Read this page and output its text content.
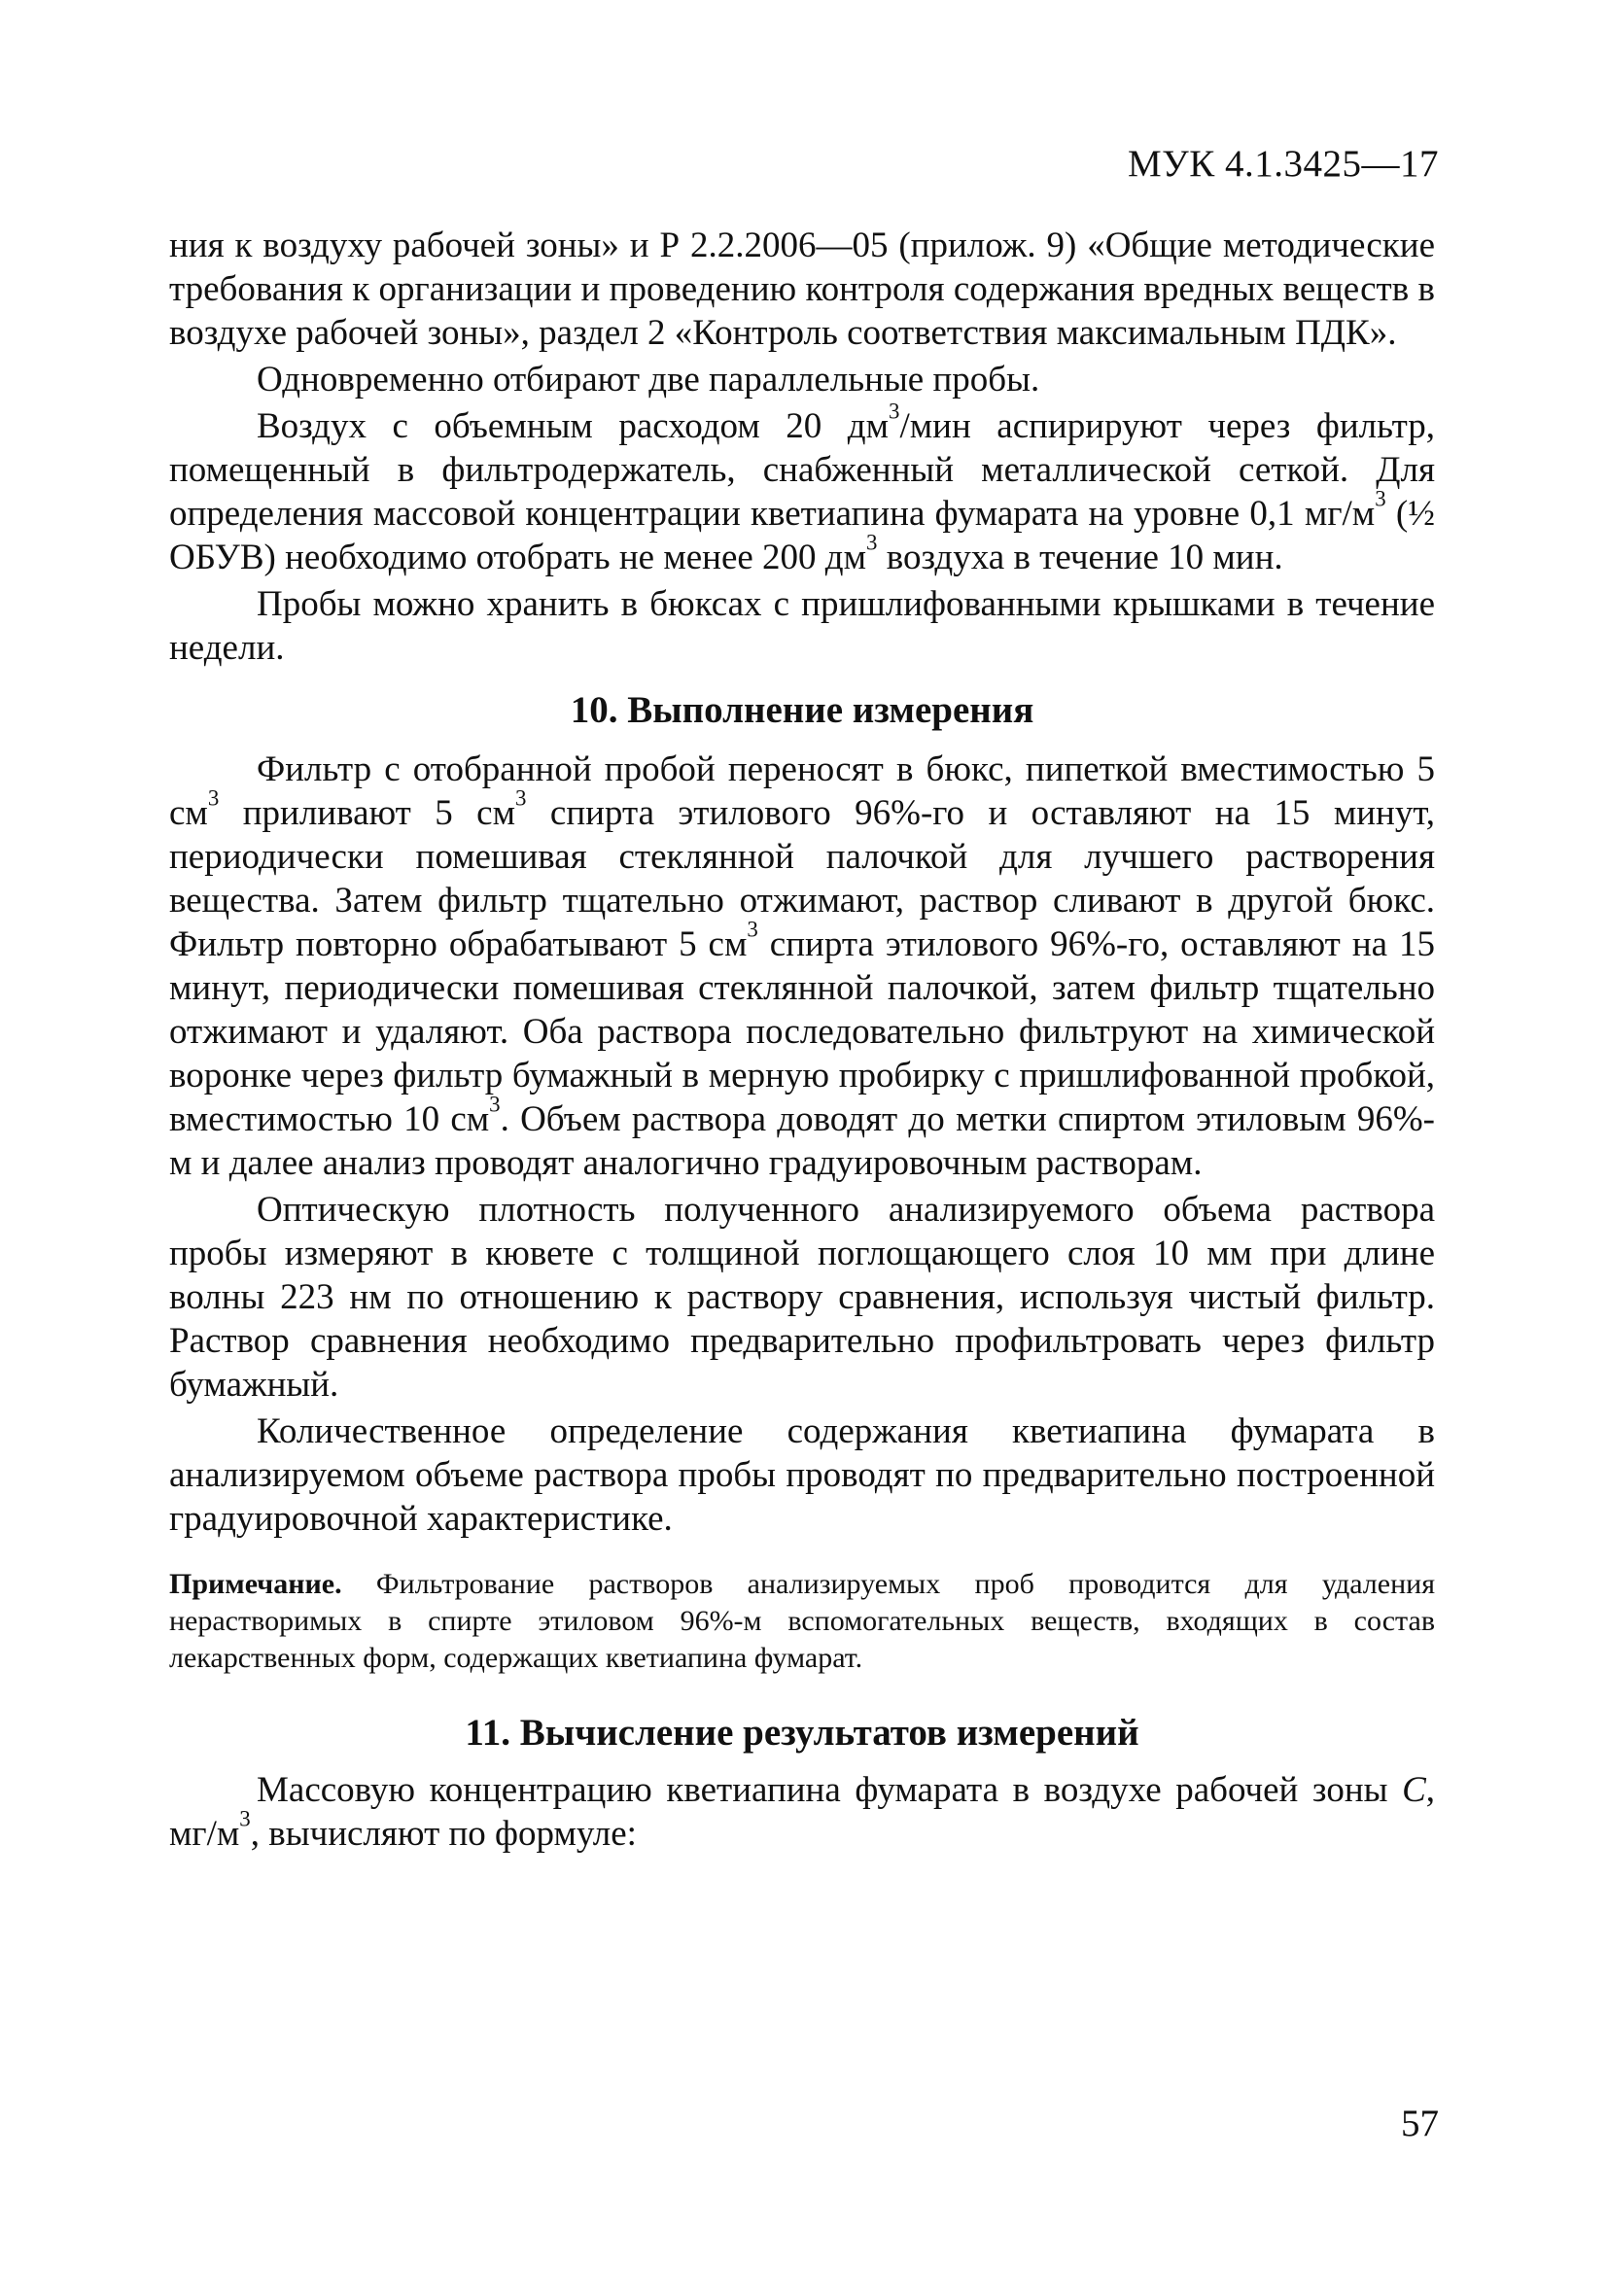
МУК 4.1.3425—17

ния к воздуху рабочей зоны» и Р 2.2.2006—05 (прилож. 9) «Общие методические требования к организации и проведению контроля содержания вредных веществ в воздухе рабочей зоны», раздел 2 «Контроль соответствия максимальным ПДК».

Одновременно отбирают две параллельные пробы.

Воздух с объемным расходом 20 $дм^3$/мин аспирируют через фильтр, помещенный в фильтродержатель, снабженный металлической сеткой. Для определения массовой концентрации кветиапина фумарата на уровне 0,1 $мг/м^3$ (½ ОБУВ) необходимо отобрать не менее 200 $дм^3$ воздуха в течение 10 мин.

Пробы можно хранить в бюксах с пришлифованными крышками в течение недели.

10. Выполнение измерения

Фильтр с отобранной пробой переносят в бюкс, пипеткой вместимостью 5 $см^3$ приливают 5 $см^3$ спирта этилового 96%-го и оставляют на 15 минут, периодически помешивая стеклянной палочкой для лучшего растворения вещества. Затем фильтр тщательно отжимают, раствор сливают в другой бюкс. Фильтр повторно обрабатывают 5 $см^3$ спирта этилового 96%-го, оставляют на 15 минут, периодически помешивая стеклянной палочкой, затем фильтр тщательно отжимают и удаляют. Оба раствора последовательно фильтруют на химической воронке через фильтр бумажный в мерную пробирку с пришлифованной пробкой, вместимостью 10 $см^3$. Объем раствора доводят до метки спиртом этиловым 96%-м и далее анализ проводят аналогично градуировочным растворам.

Оптическую плотность полученного анализируемого объема раствора пробы измеряют в кювете с толщиной поглощающего слоя 10 мм при длине волны 223 нм по отношению к раствору сравнения, используя чистый фильтр. Раствор сравнения необходимо предварительно профильтровать через фильтр бумажный.

Количественное определение содержания кветиапина фумарата в анализируемом объеме раствора пробы проводят по предварительно построенной градуировочной характеристике.

Примечание. Фильтрование растворов анализируемых проб проводится для удаления нерастворимых в спирте этиловом 96%-м вспомогательных веществ, входящих в состав лекарственных форм, содержащих кветиапина фумарат.

11. Вычисление результатов измерений

Массовую концентрацию кветиапина фумарата в воздухе рабочей зоны С, $мг/м^3$, вычисляют по формуле:

57
